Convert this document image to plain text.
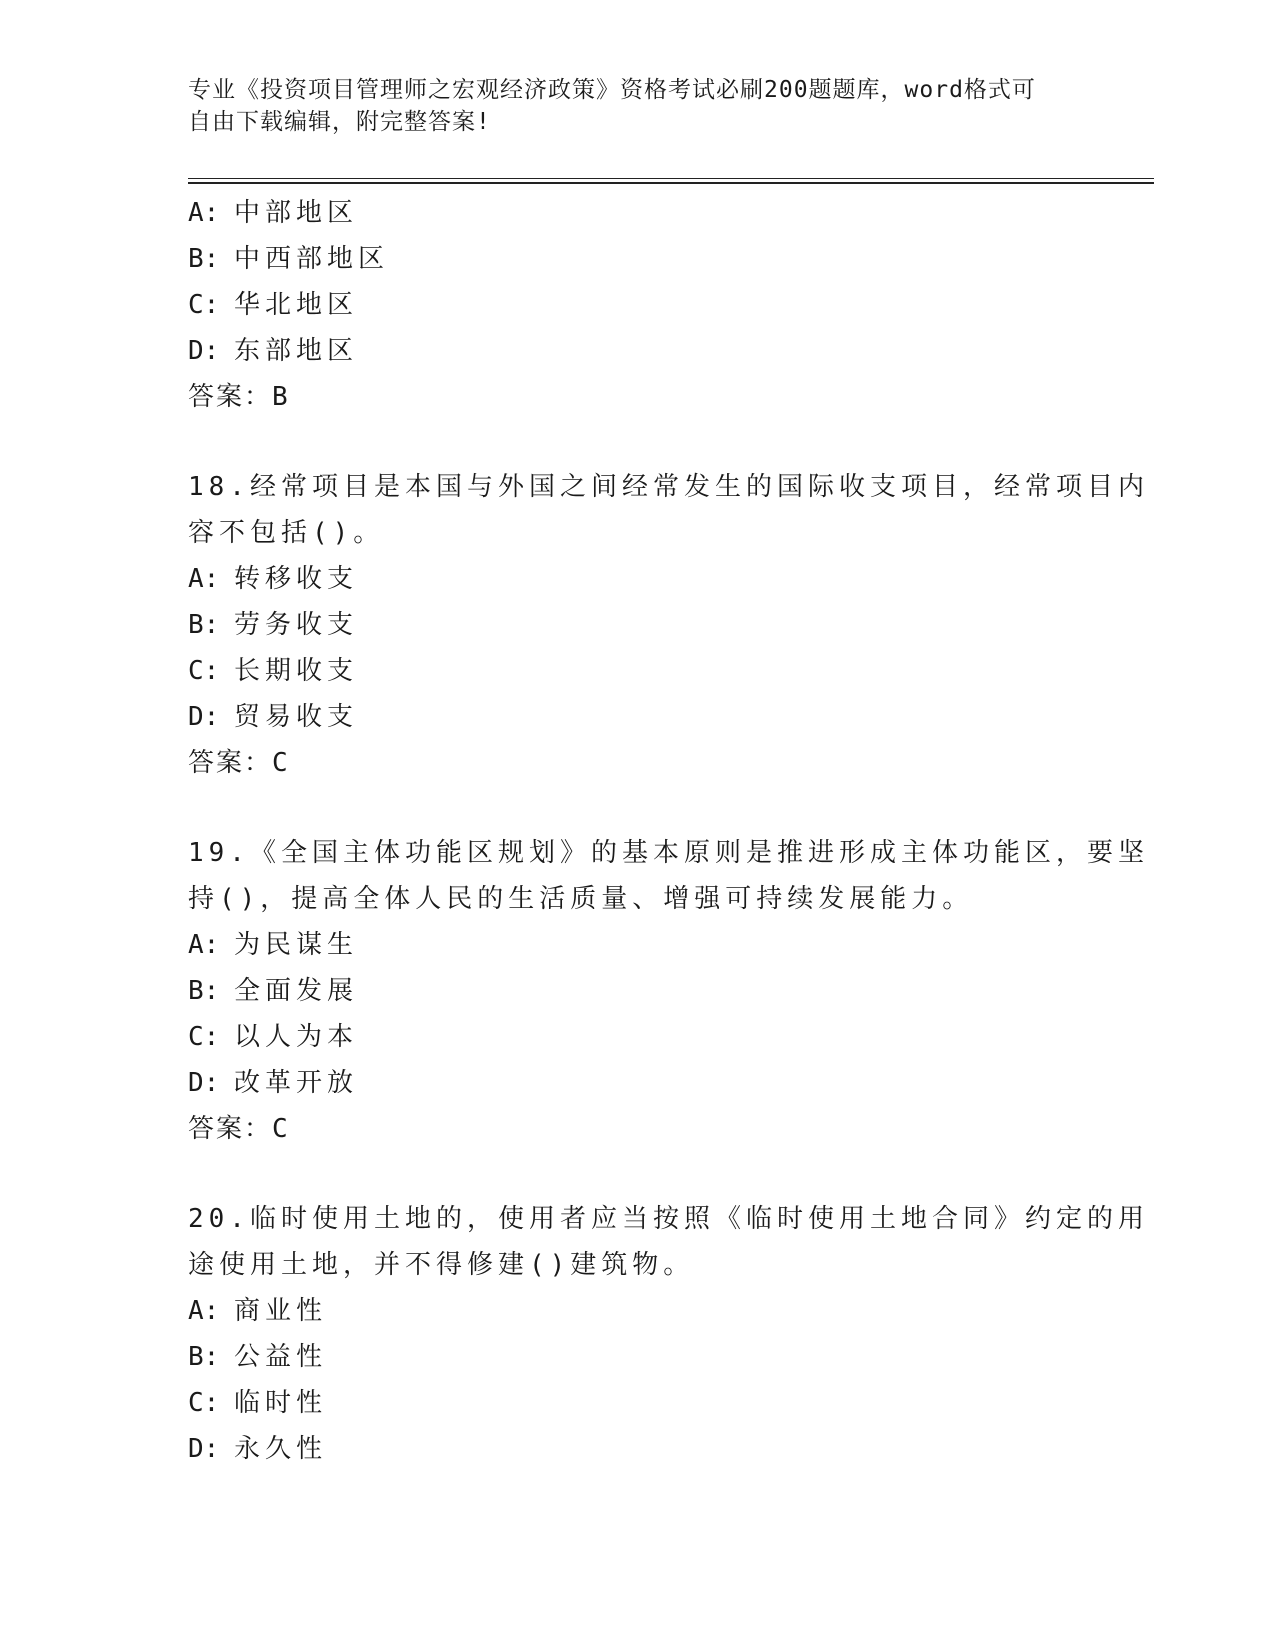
专业《投资项目管理师之宏观经济政策》资格考试必刷200题题库，word格式可
自由下载编辑，附完整答案!
A: 中部地区
B: 中西部地区
C: 华北地区
D: 东部地区
答案：B
18.经常项目是本国与外国之间经常发生的国际收支项目，经常项目内
容不包括()。
A: 转移收支
B: 劳务收支
C: 长期收支
D: 贸易收支
答案：C
19.《全国主体功能区规划》的基本原则是推进形成主体功能区，要坚
持()，提高全体人民的生活质量、增强可持续发展能力。
A: 为民谋生
B: 全面发展
C: 以人为本
D: 改革开放
答案：C
20.临时使用土地的，使用者应当按照《临时使用土地合同》约定的用
途使用土地，并不得修建()建筑物。
A: 商业性
B: 公益性
C: 临时性
D: 永久性
